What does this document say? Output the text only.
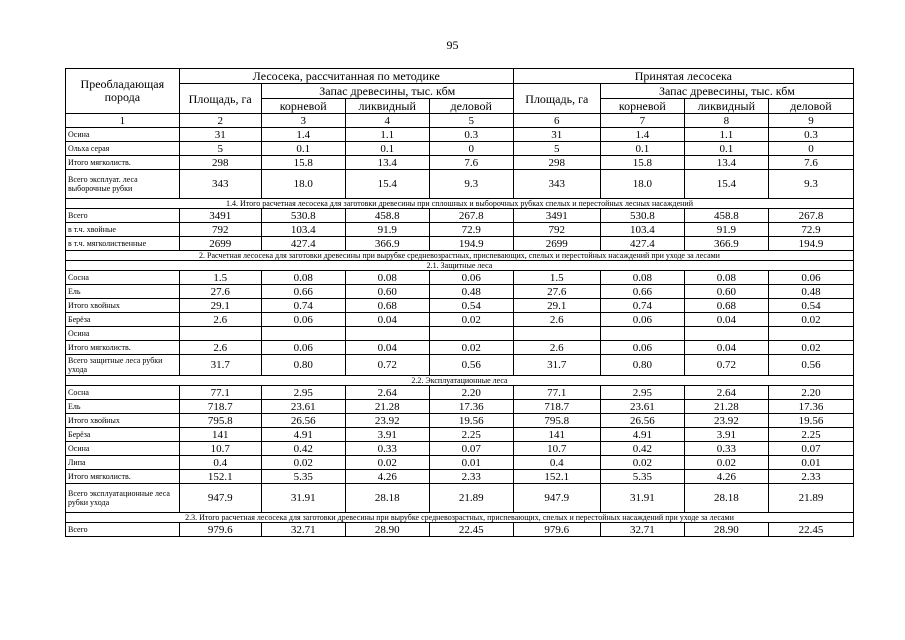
95
Преобладающая порода	Лесосека, рассчитанная по методике				Принятая лесосека			
	Площадь, га	Запас древесины, тыс. кбм			Площадь, га	Запас древесины, тыс. кбм		
		корневой	ликвидный	деловой		корневой	ликвидный	деловой
1	2	3	4	5	6	7	8	9
Осина	31	1.4	1.1	0.3	31	1.4	1.1	0.3
Ольха серая	5	0.1	0.1	0	5	0.1	0.1	0
Итого мягколиств.	298	15.8	13.4	7.6	298	15.8	13.4	7.6
Всего эксплуат. леса выборочные рубки	343	18.0	15.4	9.3	343	18.0	15.4	9.3
1.4. Итого расчетная лесосека для заготовки древесины при сплошных и выборочных рубках спелых и перестойных лесных насаждений								
Всего	3491	530.8	458.8	267.8	3491	530.8	458.8	267.8
в т.ч. хвойные	792	103.4	91.9	72.9	792	103.4	91.9	72.9
в т.ч. мягколиственные	2699	427.4	366.9	194.9	2699	427.4	366.9	194.9
2. Расчетная лесосека для заготовки древесины при вырубке средневозрастных, приспевающих, спелых и перестойных насаждений при уходе за лесами								
2.1. Защитные леса								
Сосна	1.5	0.08	0.08	0.06	1.5	0.08	0.08	0.06
Ель	27.6	0.66	0.60	0.48	27.6	0.66	0.60	0.48
Итого хвойных	29.1	0.74	0.68	0.54	29.1	0.74	0.68	0.54
Берёза	2.6	0.06	0.04	0.02	2.6	0.06	0.04	0.02
Осина								
Итого мягколиств.	2.6	0.06	0.04	0.02	2.6	0.06	0.04	0.02
Всего защитные леса рубки ухода	31.7	0.80	0.72	0.56	31.7	0.80	0.72	0.56
2.2. Эксплуатационные леса								
Сосна	77.1	2.95	2.64	2.20	77.1	2.95	2.64	2.20
Ель	718.7	23.61	21.28	17.36	718.7	23.61	21.28	17.36
Итого хвойных	795.8	26.56	23.92	19.56	795.8	26.56	23.92	19.56
Берёза	141	4.91	3.91	2.25	141	4.91	3.91	2.25
Осина	10.7	0.42	0.33	0.07	10.7	0.42	0.33	0.07
Липа	0.4	0.02	0.02	0.01	0.4	0.02	0.02	0.01
Итого мягколиств.	152.1	5.35	4.26	2.33	152.1	5.35	4.26	2.33
Всего эксплуатационные леса рубки ухода	947.9	31.91	28.18	21.89	947.9	31.91	28.18	21.89
2.3. Итого расчетная лесосека для заготовки древесины при вырубке средневозрастных, приспевающих, спелых и перестойных насаждений при уходе за лесами								
Всего	979.6	32.71	28.90	22.45	979.6	32.71	28.90	22.45
